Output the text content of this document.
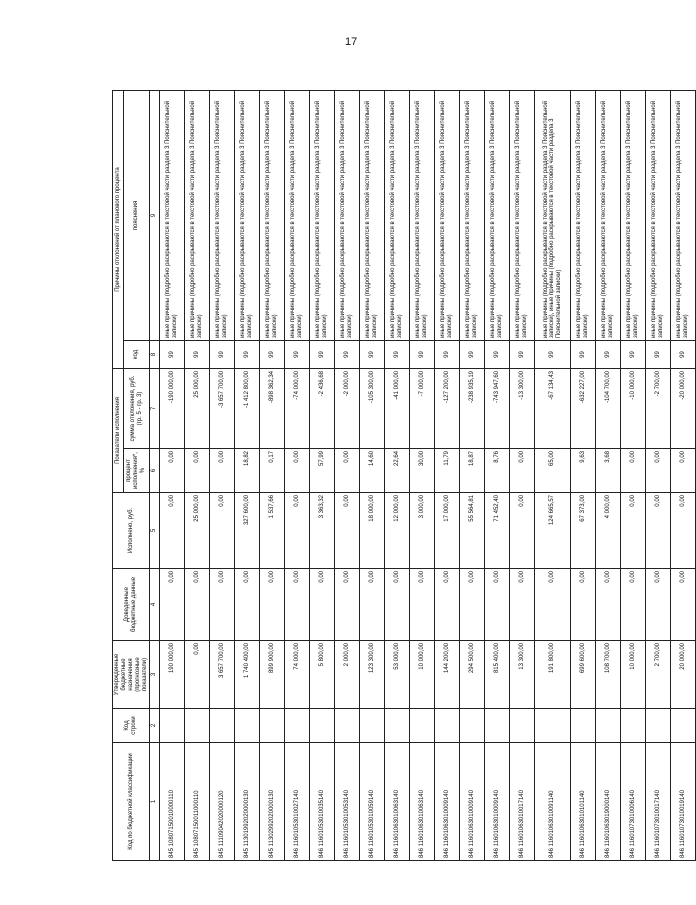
17
Код по бюджетной классификации	Код строки	Утвержденные бюджетные назначения (прогнозные показатели)	Доведенные бюджетные данные	Исполнено, руб.	Показатели исполнения		Причины отклонений от планового процента	
					процент исполнения*, %	сумма отклонения, руб. (гр. 5 - гр. 3)	код	пояснения
1	2	3	4	5	6	7	8	9
845 10807150010000110		190 000,00	0,00	0,00	0,00	-190 000,00	99	иные причины (подробно раскрываются в текстовой части раздела 3 Пояснительной записки)
845 10807150011000110		0,00	0,00	25 000,00	0,00	25 000,00	99	иные причины (подробно раскрываются в текстовой части раздела 3 Пояснительной записки)
845 11109042020000120		3 657 700,00	0,00	0,00	0,00	-3 657 700,00	99	иные причины (подробно раскрываются в текстовой части раздела 3 Пояснительной записки)
845 11301992020000130		1 740 400,00	0,00	327 600,00	18,82	-1 412 800,00	99	иные причины (подробно раскрываются в текстовой части раздела 3 Пояснительной записки)
845 11302992020000130		899 900,00	0,00	1 537,66	0,17	-898 362,34	99	иные причины (подробно раскрываются в текстовой части раздела 3 Пояснительной записки)
846 11601053010027140		74 000,00	0,00	0,00	0,00	-74 000,00	99	иные причины (подробно раскрываются в текстовой части раздела 3 Пояснительной записки)
846 11601053010035140		5 800,00	0,00	3 363,32	57,99	-2 436,68	99	иные причины (подробно раскрываются в текстовой части раздела 3 Пояснительной записки)
846 11601053010053140		2 000,00	0,00	0,00	0,00	-2 000,00	99	иные причины (подробно раскрываются в текстовой части раздела 3 Пояснительной записки)
846 11601053010059140		123 300,00	0,00	18 000,00	14,60	-105 300,00	99	иные причины (подробно раскрываются в текстовой части раздела 3 Пояснительной записки)
846 11601063010063140		53 000,00	0,00	12 000,00	22,64	-41 000,00	99	иные причины (подробно раскрываются в текстовой части раздела 3 Пояснительной записки)
846 11601063010063140		10 000,00	0,00	3 000,00	30,00	-7 000,00	99	иные причины (подробно раскрываются в текстовой части раздела 3 Пояснительной записки)
846 11601063010009140		144 200,00	0,00	17 000,00	11,79	-127 200,00	99	иные причины (подробно раскрываются в текстовой части раздела 3 Пояснительной записки)
846 11601063010009140		294 500,00	0,00	55 564,81	18,87	-238 935,19	99	иные причины (подробно раскрываются в текстовой части раздела 3 Пояснительной записки)
846 11601063010009140		815 400,00	0,00	71 452,40	8,76	-743 947,60	99	иные причины (подробно раскрываются в текстовой части раздела 3 Пояснительной записки)
846 11601063010017140		13 300,00	0,00	0,00	0,00	-13 300,00	99	иные причины (подробно раскрываются в текстовой части раздела 3 Пояснительной записки)
846 11601063010091140		191 800,00	0,00	124 665,57	65,00	-67 134,43	99	иные причины (подробно раскрываются в текстовой части раздела 3 Пояснительной записки), иные причины (подробно раскрываются в текстовой части раздела 3 Пояснительной записки)
846 11601063010101140		699 600,00	0,00	67 373,00	9,63	-632 227,00	99	иные причины (подробно раскрываются в текстовой части раздела 3 Пояснительной записки)
846 11601063019000140		108 700,00	0,00	4 000,00	3,68	-104 700,00	99	иные причины (подробно раскрываются в текстовой части раздела 3 Пояснительной записки)
846 11601073010006140		10 000,00	0,00	0,00	0,00	-10 000,00	99	иные причины (подробно раскрываются в текстовой части раздела 3 Пояснительной записки)
846 11601073010017140		2 700,00	0,00	0,00	0,00	-2 700,00	99	иные причины (подробно раскрываются в текстовой части раздела 3 Пояснительной записки)
846 11601073010019140		20 000,00	0,00	0,00	0,00	-20 000,00	99	иные причины (подробно раскрываются в текстовой части раздела 3 Пояснительной записки)
